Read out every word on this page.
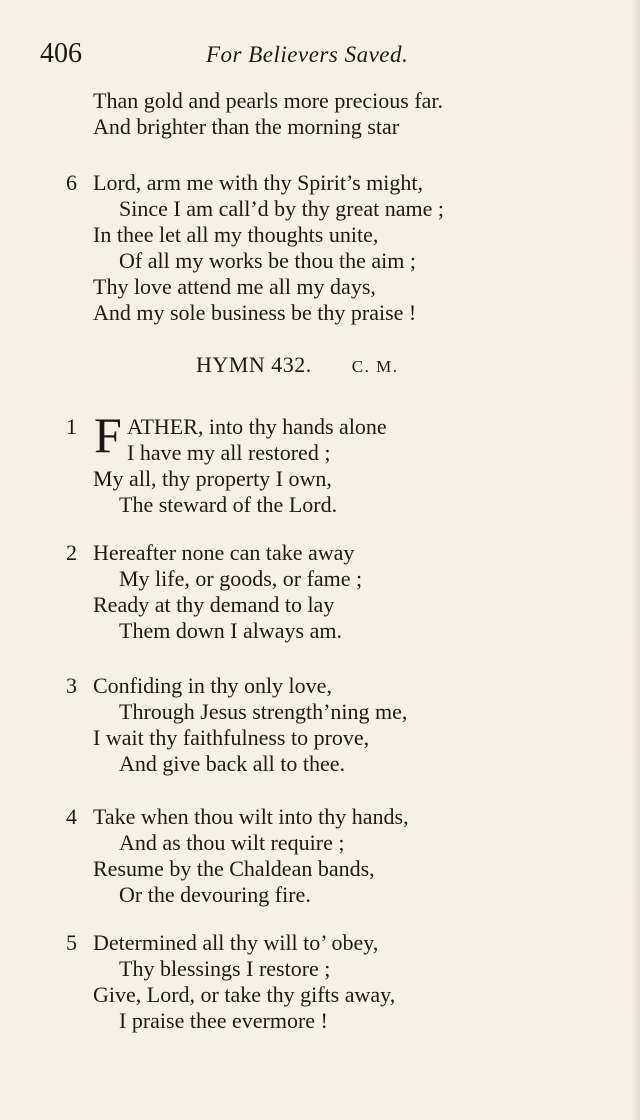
406	For Believers Saved.
Than gold and pearls more precious far.
And brighter than the morning star
6 Lord, arm me with thy Spirit’s might,
Since I am call’d by thy great name ;
In thee let all my thoughts unite,
Of all my works be thou the aim ;
Thy love attend me all my days,
And my sole business be thy praise !
HYMN 432. C. M.
1 F ATHER, into thy hands alone
I have my all restored ;
My all, thy property I own,
The steward of the Lord.
2 Hereafter none can take away
My life, or goods, or fame ;
Ready at thy demand to lay
Them down I always am.
3 Confiding in thy only love,
Through Jesus strength’ning me,
I wait thy faithfulness to prove,
And give back all to thee.
4 Take when thou wilt into thy hands,
And as thou wilt require ;
Resume by the Chaldean bands,
Or the devouring fire.
5 Determined all thy will to’ obey,
Thy blessings I restore ;
Give, Lord, or take thy gifts away,
I praise thee evermore !
